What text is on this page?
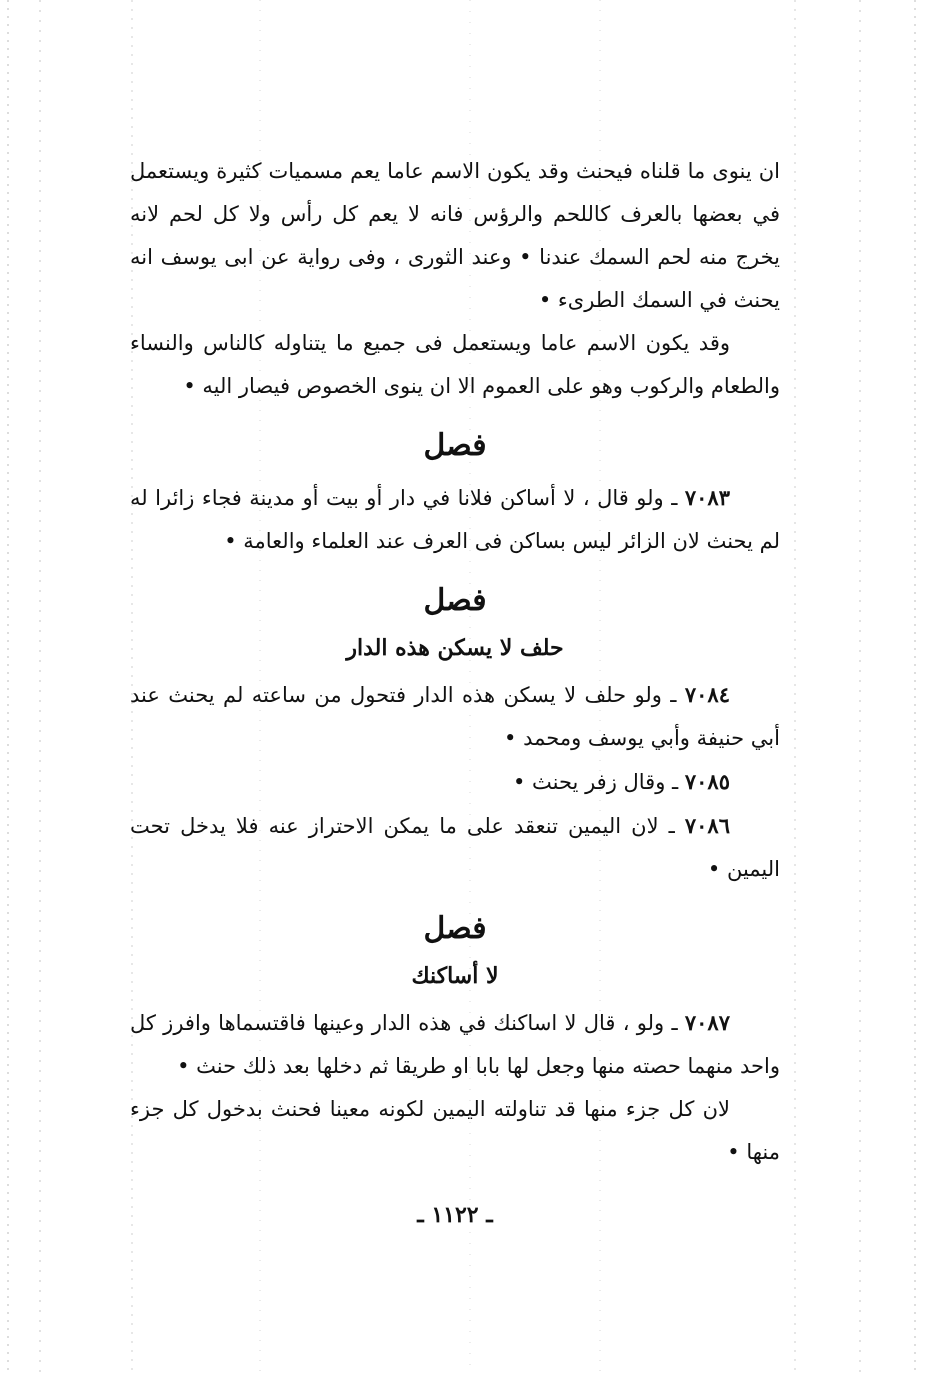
ان ينوى ما قلناه فيحنث وقد يكون الاسم عاما يعم مسميات كثيرة ويستعمل في بعضها بالعرف كاللحم والرؤس فانه لا يعم كل رأس ولا كل لحم لانه يخرج منه لحم السمك عندنا • وعند الثورى ، وفى رواية عن ابى يوسف انه يحنث في السمك الطرىء •

وقد يكون الاسم عاما ويستعمل فى جميع ما يتناوله كالناس والنساء والطعام والركوب وهو على العموم الا ان ينوى الخصوص فيصار اليه •

فصل

٧٠٨٣ ـ ولو قال ، لا أساكن فلانا في دار أو بيت أو مدينة فجاء زائرا له لم يحنث لان الزائر ليس بساكن فى العرف عند العلماء والعامة •

فصل
حلف لا يسكن هذه الدار

٧٠٨٤ ـ ولو حلف لا يسكن هذه الدار فتحول من ساعته لم يحنث عند أبي حنيفة وأبي يوسف ومحمد •

٧٠٨٥ ـ وقال زفر يحنث •

٧٠٨٦ ـ لان اليمين تنعقد على ما يمكن الاحتراز عنه فلا يدخل تحت اليمين •

فصل
لا أساكنك

٧٠٨٧ ـ ولو ، قال لا اساكنك في هذه الدار وعينها فاقتسماها وافرز كل واحد منهما حصته منها وجعل لها بابا او طريقا ثم دخلها بعد ذلك حنث •

لان كل جزء منها قد تناولته اليمين لكونه معينا فحنث بدخول كل جزء منها •

ـ ١١٢٢ ـ
